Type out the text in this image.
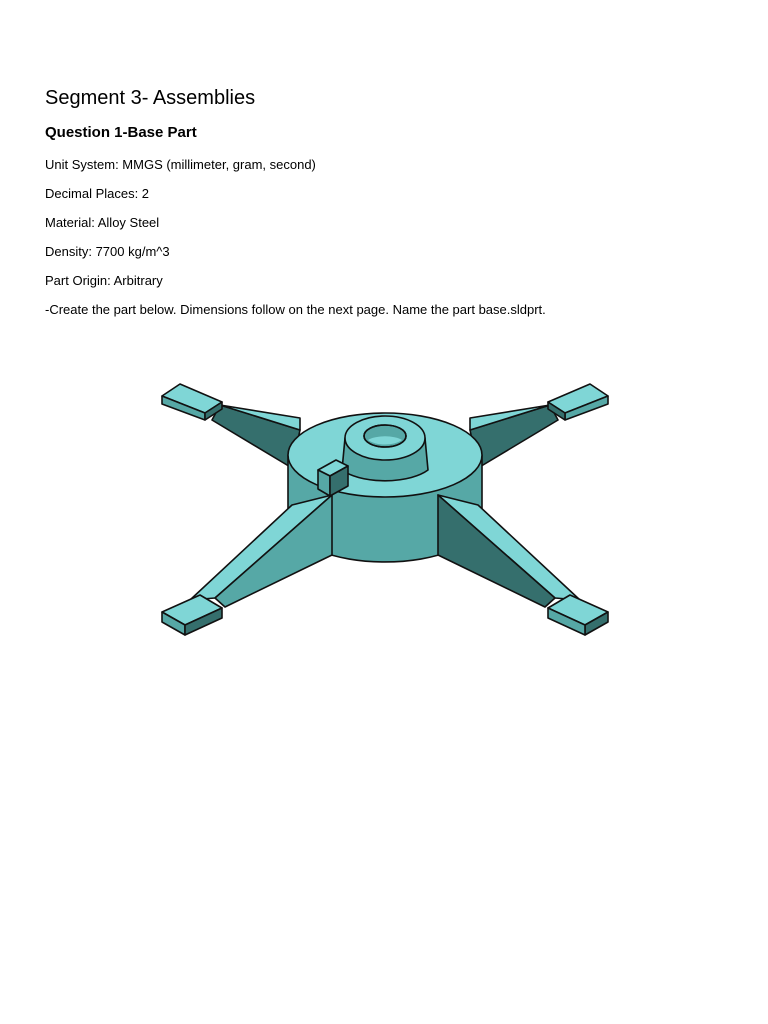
Segment 3- Assemblies
Question 1-Base Part

Unit System: MMGS (millimeter, gram, second)

Decimal Places: 2

Material: Alloy Steel

Density: 7700 kg/m^3

Part Origin: Arbitrary

-Create the part below. Dimensions follow on the next page. Name the part base.sldprt.
